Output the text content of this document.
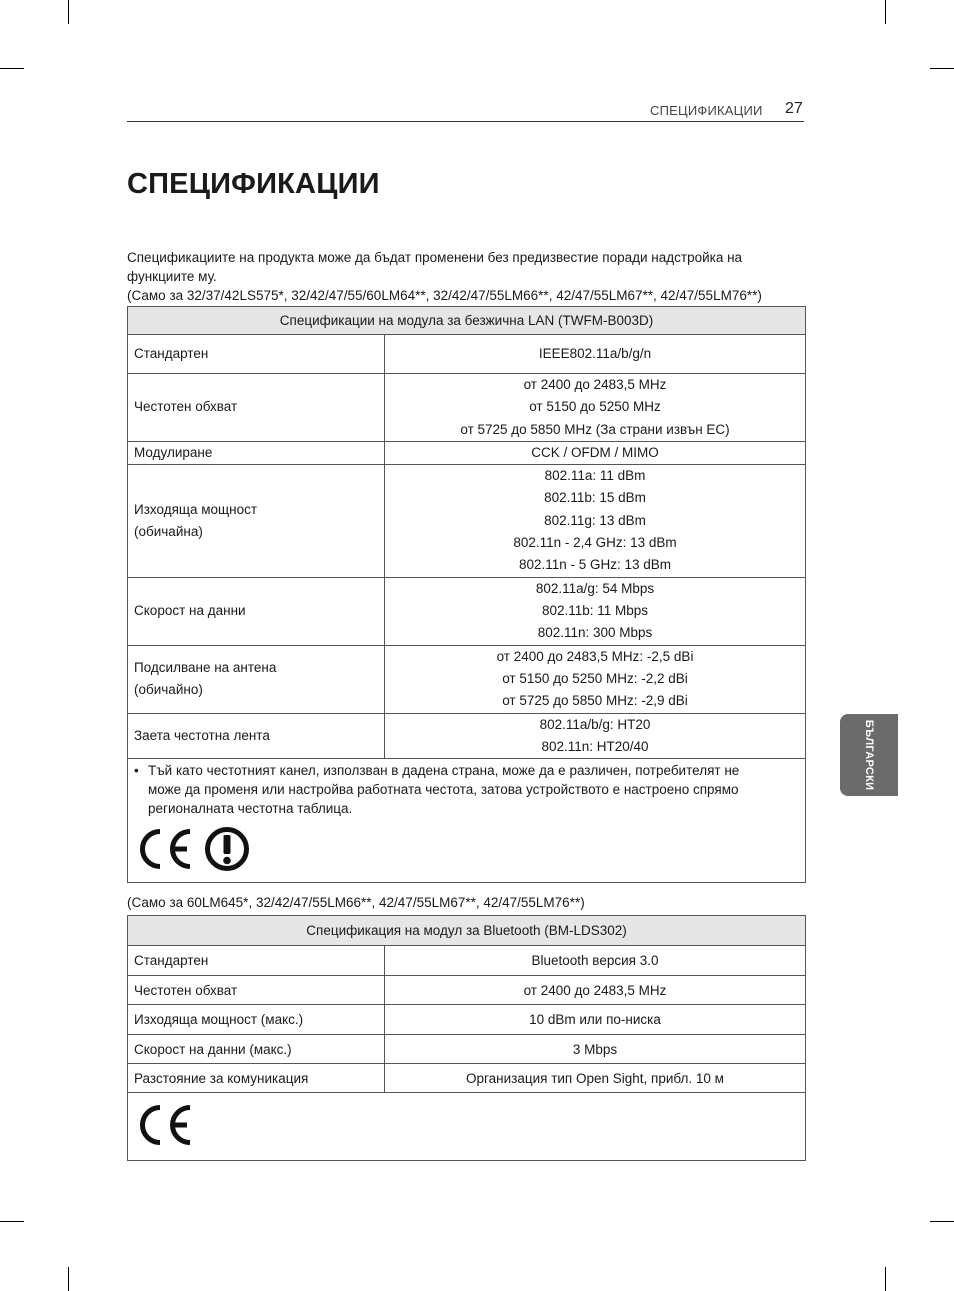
СПЕЦИФИКАЦИИ 27
СПЕЦИФИКАЦИИ

Спецификациите на продукта може да бъдат променени без предизвестие поради надстройка на

функциите му.

(Само за 32/37/42LS575*, 32/42/47/55/60LM64**, 32/42/47/55LM66**, 42/47/55LM67**, 42/47/55LM76**)

Спецификации на модула за безжична LAN (TWFM-B003D)	

Стандартен	IEEE802.11a/b/g/n

Честотен обхват	от 2400 до 2483,5 MHz
от 5150 до 5250 MHz
от 5725 до 5850 MHz (За страни извън ЕС)

Модулиране	CCK / OFDM / MIMO

Изходяща мощност
(обичайна)	802.11a: 11 dBm
802.11b: 15 dBm
802.11g: 13 dBm
802.11n - 2,4 GHz: 13 dBm
802.11n - 5 GHz: 13 dBm

Скорост на данни	802.11a/g: 54 Mbps
802.11b: 11 Mbps
802.11n: 300 Mbps

Подсилване на антена
(обичайно)	от 2400 до 2483,5 MHz: -2,5 dBi
от 5150 до 5250 MHz: -2,2 dBi
от 5725 до 5850 MHz: -2,9 dBi

Заета честотна лента	802.11a/b/g: HT20
802.11n: HT20/40

• Тъй като честотният канел, използван в дадена страна, може да е различен, потребителят не
може да променя или настройва работната честота, затова устройството е настроено спрямо
регионалната честотна таблица.	
(Само за 60LM645*, 32/42/47/55LM66**, 42/47/55LM67**, 42/47/55LM76**)
Спецификация на модул за Bluetooth (BM-LDS302)	
Стандартен	Bluetooth версия 3.0
Честотен обхват	от 2400 до 2483,5 MHz
Изходяща мощност (макс.)	10 dBm или по-ниска
Скорост на данни (макс.)	3 Mbps
Разстояние за комуникация	Организация тип Open Sight, прибл. 10 м

БЪЛГАРСКИ
